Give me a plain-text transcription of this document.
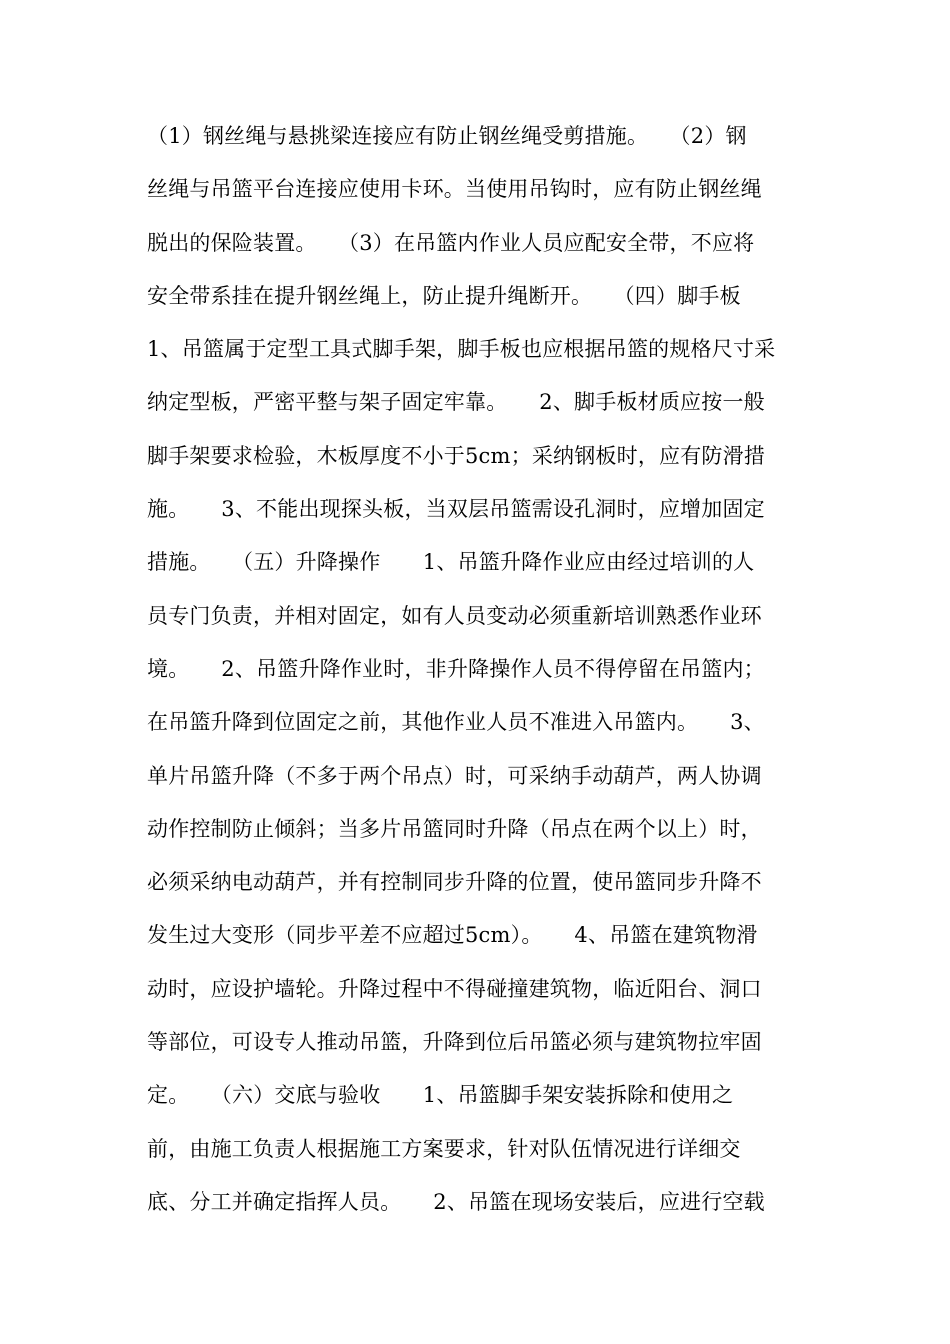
（1）钢丝绳与悬挑梁连接应有防止钢丝绳受剪措施。　　（2）钢
丝绳与吊篮平台连接应使用卡环。当使用吊钩时，应有防止钢丝绳
脱出的保险装置。　　（3）在吊篮内作业人员应配安全带，不应将
安全带系挂在提升钢丝绳上，防止提升绳断开。　　（四）脚手板
1、吊篮属于定型工具式脚手架，脚手板也应根据吊篮的规格尺寸采
纳定型板，严密平整与架子固定牢靠。　　2、脚手板材质应按一般
脚手架要求检验，木板厚度不小于5cm；采纳钢板时，应有防滑措
施。　　3、不能出现探头板，当双层吊篮需设孔洞时，应增加固定
措施。　　（五）升降操作　　1、吊篮升降作业应由经过培训的人
员专门负责，并相对固定，如有人员变动必须重新培训熟悉作业环
境。　　2、吊篮升降作业时，非升降操作人员不得停留在吊篮内；
在吊篮升降到位固定之前，其他作业人员不准进入吊篮内。　　3、
单片吊篮升降（不多于两个吊点）时，可采纳手动葫芦，两人协调
动作控制防止倾斜；当多片吊篮同时升降（吊点在两个以上）时，
必须采纳电动葫芦，并有控制同步升降的位置，使吊篮同步升降不
发生过大变形（同步平差不应超过5cm）。　　4、吊篮在建筑物滑
动时，应设护墙轮。升降过程中不得碰撞建筑物，临近阳台、洞口
等部位，可设专人推动吊篮，升降到位后吊篮必须与建筑物拉牢固
定。　　（六）交底与验收　　1、吊篮脚手架安装拆除和使用之
前，由施工负责人根据施工方案要求，针对队伍情况进行详细交
底、分工并确定指挥人员。　　2、吊篮在现场安装后，应进行空载
